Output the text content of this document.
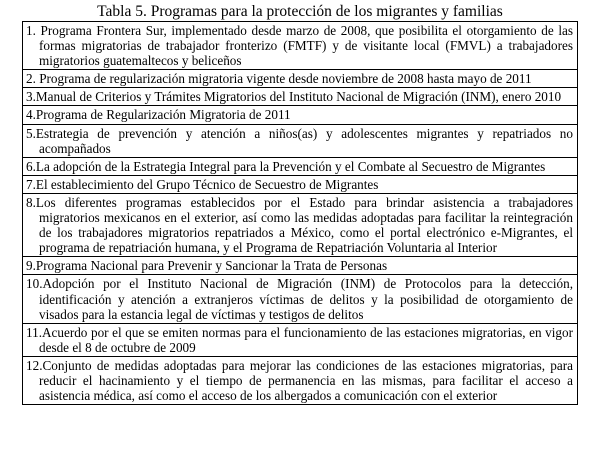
Tabla 5. Programas para la protección de los migrantes y familias

1. Programa Frontera Sur, implementado desde marzo de 2008, que posibilita el otorgamiento de las formas migratorias de trabajador fronterizo (FMTF) y de visitante local (FMVL) a trabajadores migratorios guatemaltecos y beliceños

2. Programa de regularización migratoria vigente desde noviembre de 2008 hasta mayo de 2011

3.Manual de Criterios y Trámites Migratorios del Instituto Nacional de Migración (INM), enero 2010

4.Programa de Regularización Migratoria de 2011

5.Estrategia de prevención y atención a niños(as) y adolescentes migrantes y repatriados no acompañados

6.La adopción de la Estrategia Integral para la Prevención y el Combate al Secuestro de Migrantes

7.El establecimiento del Grupo Técnico de Secuestro de Migrantes

8.Los diferentes programas establecidos por el Estado para brindar asistencia a trabajadores migratorios mexicanos en el exterior, así como las medidas adoptadas para facilitar la reintegración de los trabajadores migratorios repatriados a México, como el portal electrónico e-Migrantes, el programa de repatriación humana, y el Programa de Repatriación Voluntaria al Interior

9.Programa Nacional para Prevenir y Sancionar la Trata de Personas

10.Adopción por el Instituto Nacional de Migración (INM) de Protocolos para la detección, identificación y atención a extranjeros víctimas de delitos y la posibilidad de otorgamiento de visados para la estancia legal de víctimas y testigos de delitos

11.Acuerdo por el que se emiten normas para el funcionamiento de las estaciones migratorias, en vigor desde el 8 de octubre de 2009

12.Conjunto de medidas adoptadas para mejorar las condiciones de las estaciones migratorias, para reducir el hacinamiento y el tiempo de permanencia en las mismas, para facilitar el acceso a asistencia médica, así como el acceso de los albergados a comunicación con el exterior
